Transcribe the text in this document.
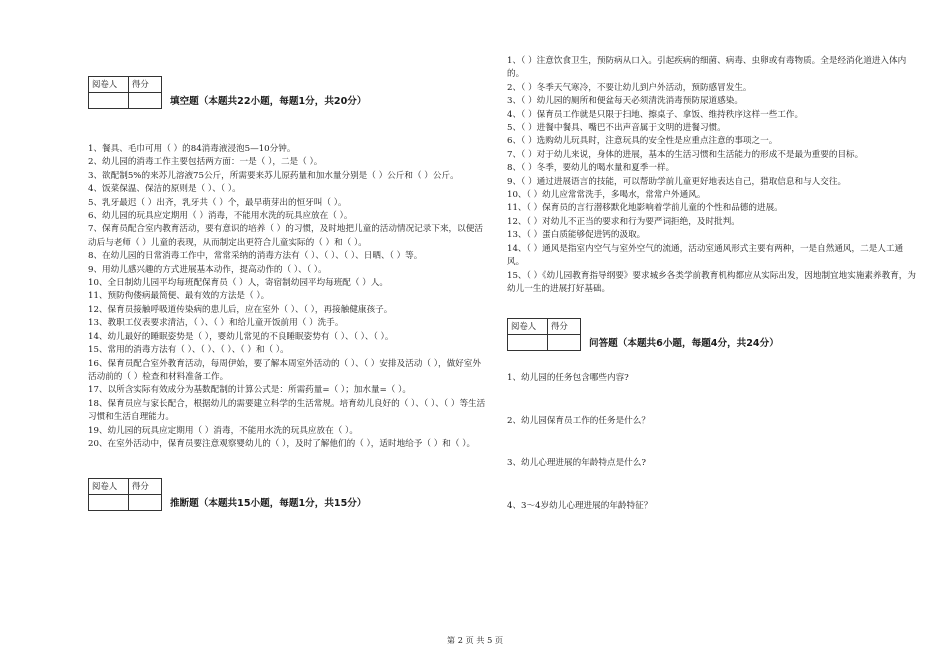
阅卷人	得分

填空题（本题共22小题，每题1分，共20分）

1、餐具、毛巾可用（ ）的84消毒液浸泡5—10分钟。

2、幼儿园的消毒工作主要包括两方面：一是（ ），二是（ ）。

3、欲配制5%的来苏儿溶液75公斤，所需要来苏儿原药量和加水量分别是（ ）公斤和（ ）公斤。

4、饭菜保温、保洁的原则是（ ）、（ ）。

5、乳牙最迟（ ）出齐，乳牙共（ ）个，最早萌芽出的恒牙叫（ ）。

6、幼儿园的玩具应定期用（ ）消毒，不能用水洗的玩具应放在（ ）。

7、保育员配合室内教育活动，要有意识的培养（ ）的习惯，及时地把儿童的活动情况记录下来，以便活动后与老师（ ）儿童的表现，从而制定出更符合儿童实际的（ ）和（ ）。

8、在幼儿园的日常消毒工作中，常常采纳的消毒方法有（ ）、（ ）、（ ）、日晒、（ ）等。

9、用幼儿感兴趣的方式进展基本动作，提高动作的（ ）、（ ）。

10、全日制幼儿园平均每班配保育员（ ）人，寄宿制幼园平均每班配（ ）人。

11、预防佝偻病最简便、最有效的方法是（ ）。

12、保育员接触呼吸道传染病的患儿后，应在室外（ ）、（ ），再接触健康孩子。

13、教职工仪表要求清洁，（ ）、（ ）和给儿童开饭前用（ ）洗手。

14、幼儿最好的睡眠姿势是（ ），婴幼儿常见的不良睡眠姿势有（ ）、（ ）、（ ）。

15、常用的消毒方法有（ ）、（ ）、（ ）、（ ）和（ ）。

16、保育员配合室外教育活动，每周伊始，要了解本周室外活动的（ ）、（ ）安排及活动（ ），做好室外活动前的（ ）检查和材料准备工作。

17、以所含实际有效成分为基数配制的计算公式是：所需药量=（ ）；加水量=（ ）。

18、保育员应与家长配合，根据幼儿的需要建立科学的生活常规。培育幼儿良好的（ ）、（ ）、（ ）等生活习惯和生活自理能力。

19、幼儿园的玩具应定期用（ ）消毒，不能用水洗的玩具应放在（ ）。

20、在室外活动中，保育员要注意观察婴幼儿的（ ），及时了解他们的（ ），适时地给予（ ）和（ ）。

阅卷人	得分

推断题（本题共15小题，每题1分，共15分）

1、（ ）注意饮食卫生，预防病从口入。引起疾病的细菌、病毒、虫卵或有毒物质。全是经消化道进入体内的。

2、（ ）冬季天气寒冷，不要让幼儿到户外活动，预防感冒发生。

3、（ ）幼儿园的厕所和便盆每天必须清洗消毒预防尿道感染。

4、（ ）保育员工作就是只限于扫地、擦桌子、拿饭、维持秩序这样一些工作。

5、（ ）进餐中餐具、嘴巴不出声音属于文明的进餐习惯。

6、（ ）选购幼儿玩具时，注意玩具的安全性是应重点注意的事项之一。

7、（ ）对于幼儿来说，身体的进展，基本的生活习惯和生活能力的形成不是最为重要的目标。

8、（ ）冬季，要幼儿的喝水量和夏季一样。

9、（ ）通过进展语言的技能，可以帮助学前儿童更好地表达自己，猎取信息和与人交往。

10、（ ）幼儿应常常洗手，多喝水，常常户外通风。

11、（ ）保育员的言行潜移默化地影响着学前儿童的个性和品德的进展。

12、（ ）对幼儿不正当的要求和行为要严词拒绝，及时批判。

13、（ ）蛋白质能够促进钙的汲取。

14、（ ）通风是指室内空气与室外空气的流通，活动室通风形式主要有两种，一是自然通风，二是人工通风。

15、（ ）《幼儿园教育指导纲要》要求城乡各类学前教育机构都应从实际出发，因地制宜地实施素养教育，为幼儿一生的进展打好基础。

阅卷人	得分

问答题（本题共6小题，每题4分，共24分）

1、幼儿园的任务包含哪些内容?

2、幼儿园保育员工作的任务是什么？

3、幼儿心理进展的年龄特点是什么?

4、3～4岁幼儿心理进展的年龄特征？

第 2 页 共 5 页
